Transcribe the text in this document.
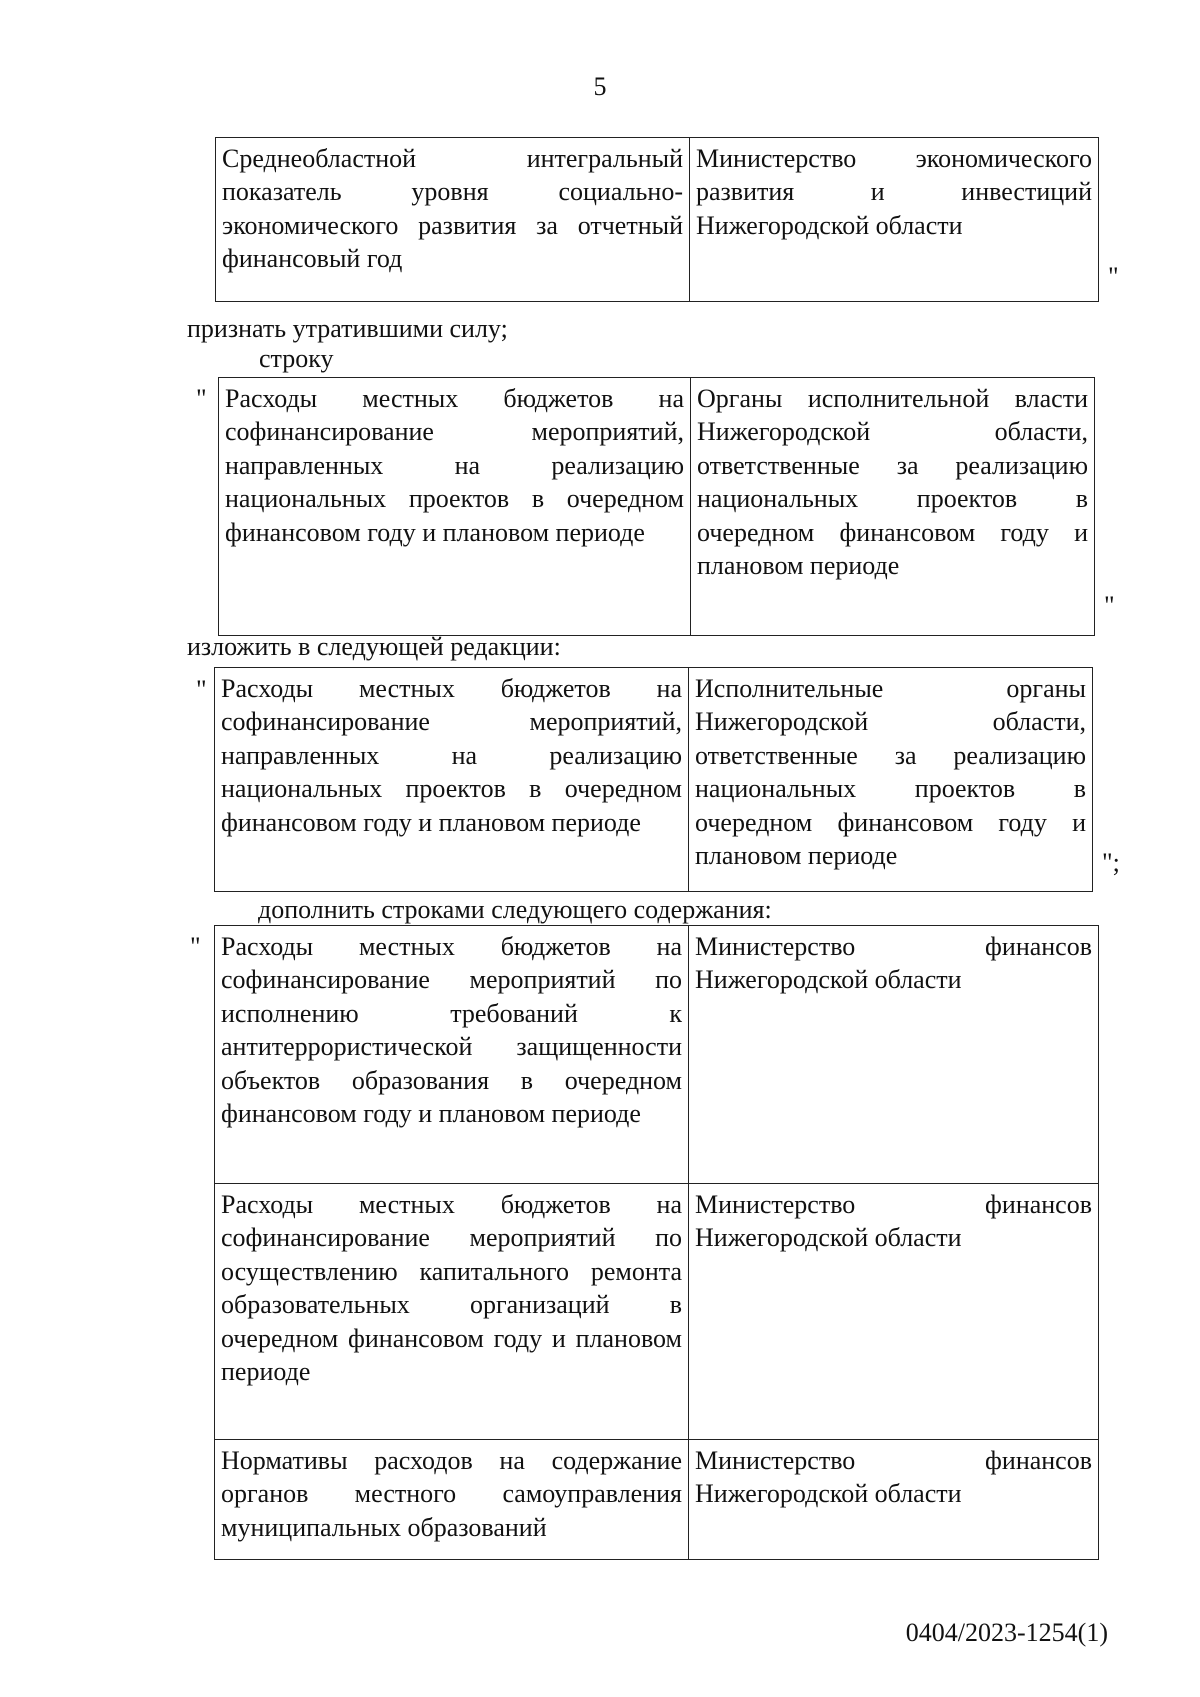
5
Среднеобластной интегральный показатель уровня социально-экономического развития за отчетный финансовый год	Министерство экономического развития и инвестиций Нижегородской области
"
признать утратившими силу;
строку
" Расходы местных бюджетов на софинансирование мероприятий, направленных на реализацию национальных проектов в очередном финансовом году и плановом периоде	Органы исполнительной власти Нижегородской области, ответственные за реализацию национальных проектов в очередном финансовом году и плановом периоде
"
изложить в следующей редакции:
" Расходы местных бюджетов на софинансирование мероприятий, направленных на реализацию национальных проектов в очередном финансовом году и плановом периоде	Исполнительные органы Нижегородской области, ответственные за реализацию национальных проектов в очередном финансовом году и плановом периоде	";
дополнить строками следующего содержания:
" Расходы местных бюджетов на софинансирование мероприятий по исполнению требований к антитеррористической защищенности объектов образования в очередном финансовом году и плановом периоде	Министерство финансов Нижегородской области
Расходы местных бюджетов на софинансирование мероприятий по осуществлению капитального ремонта образовательных организаций в очередном финансовом году и плановом периоде	Министерство финансов Нижегородской области
Нормативы расходов на содержание органов местного самоуправления муниципальных образований	Министерство финансов Нижегородской области
0404/2023-1254(1)
